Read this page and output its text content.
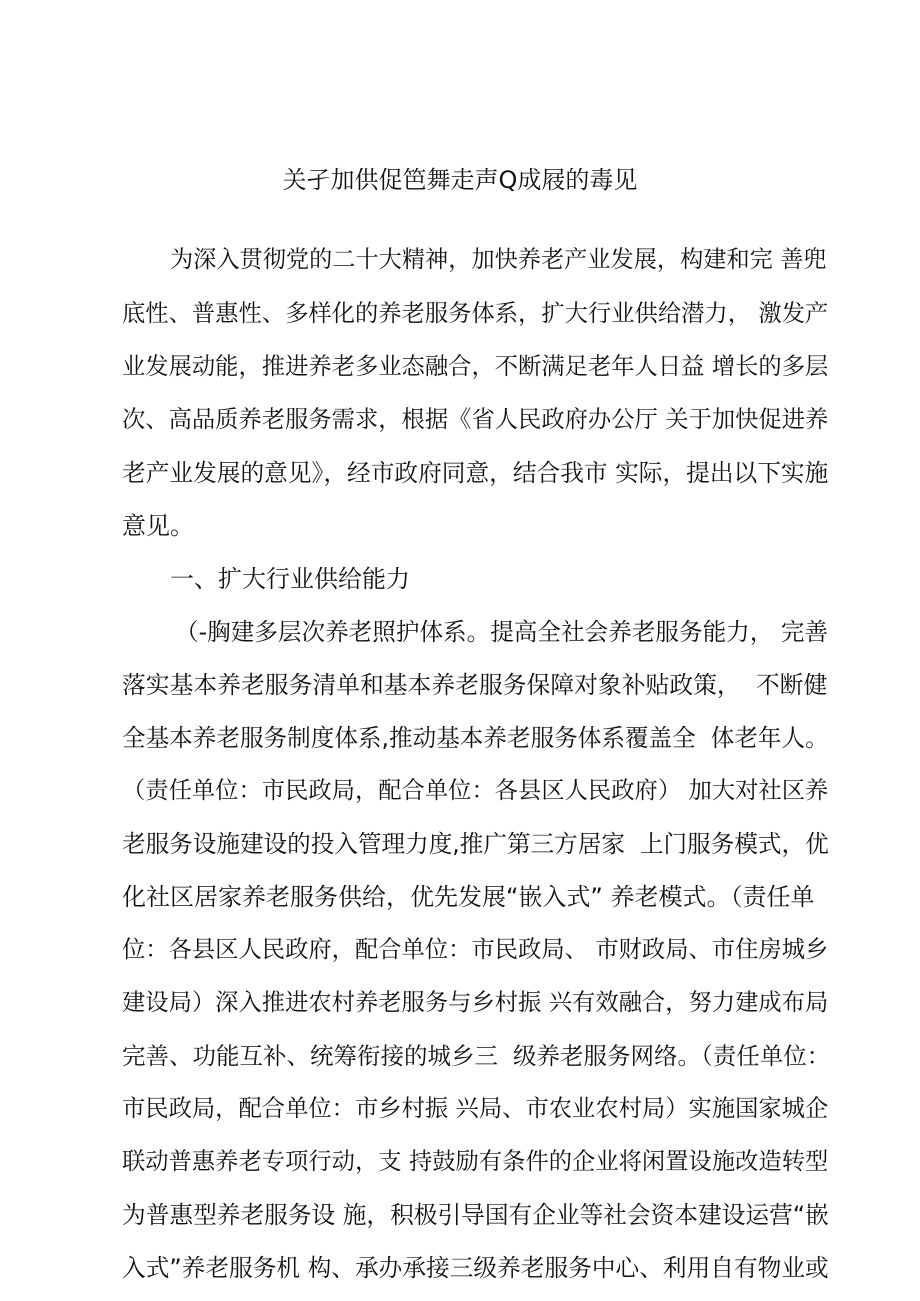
关孑加供促笆舞走声Q成屐的毒见
为深入贯彻党的二十大精神，加快养老产业发展，构建和完 善兜
底性、普惠性、多样化的养老服务体系，扩大行业供给潜力， 激发产
业发展动能，推进养老多业态融合，不断满足老年人日益 增长的多层
次、高品质养老服务需求，根据《省人民政府办公厅 关于加快促进养
老产业发展的意见》，经市政府同意，结合我市 实际，提出以下实施
意见。
一、扩大行业供给能力
（-胸建多层次养老照护体系。提高全社会养老服务能力， 完善
落实基本养老服务清单和基本养老服务保障对象补贴政策，  不断健
全基本养老服务制度体系,推动基本养老服务体系覆盖全  体老年人。
（责任单位：市民政局，配合单位：各县区人民政府） 加大对社区养
老服务设施建设的投入管理力度,推广第三方居家  上门服务模式，优
化社区居家养老服务供给，优先发展“嵌入式” 养老模式。（责任单
位：各县区人民政府，配合单位：市民政局、 市财政局、市住房城乡
建设局）深入推进农村养老服务与乡村振 兴有效融合，努力建成布局
完善、功能互补、统筹衔接的城乡三  级养老服务网络。（责任单位：
市民政局，配合单位：市乡村振 兴局、市农业农村局）实施国家城企
联动普惠养老专项行动，支 持鼓励有条件的企业将闲置设施改造转型
为普惠型养老服务设 施，积极引导国有企业等社会资本建设运营“嵌
入式”养老服务机 构、承办承接三级养老服务中心、利用自有物业或
